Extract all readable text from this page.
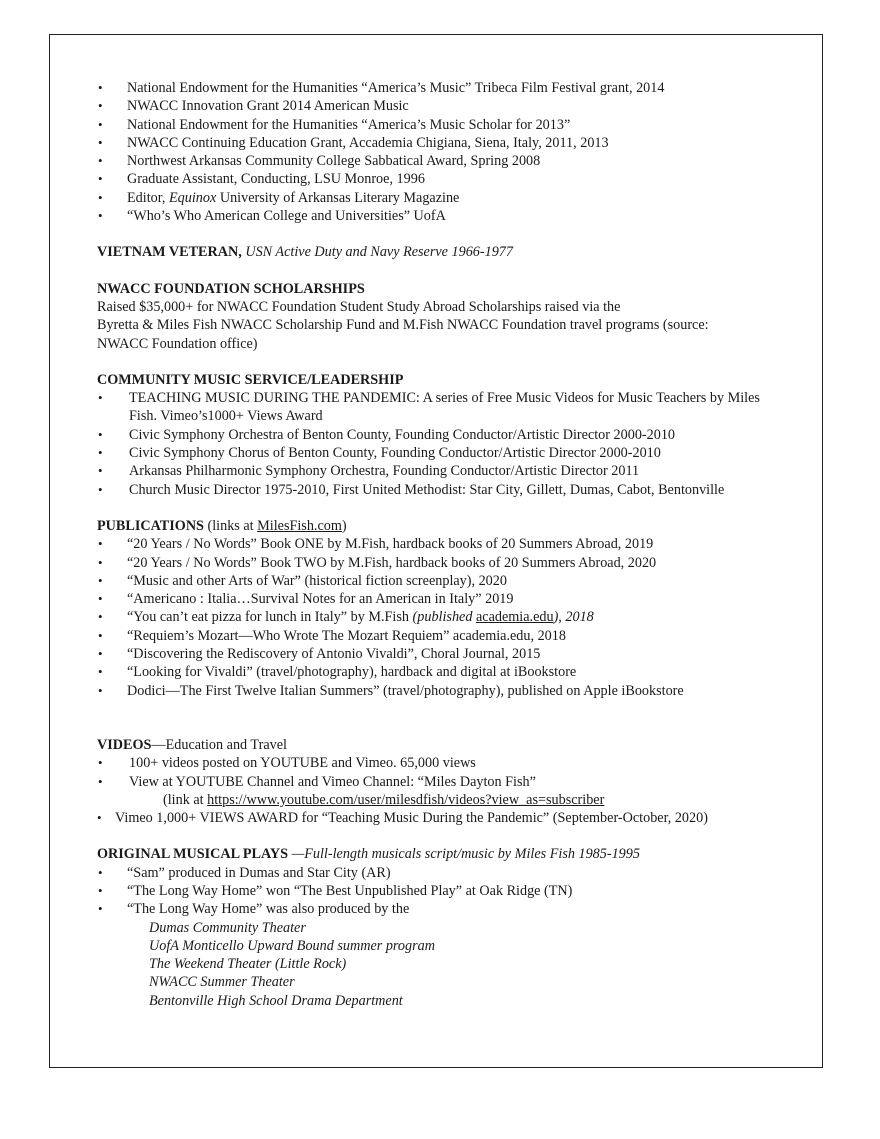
• National Endowment for the Humanities “America’s Music” Tribeca Film Festival grant, 2014
• NWACC Innovation Grant 2014 American Music
• National Endowment for the Humanities “America’s Music Scholar for 2013”
• NWACC Continuing Education Grant, Accademia Chigiana, Siena, Italy, 2011, 2013
• Northwest Arkansas Community College Sabbatical Award, Spring 2008
• Graduate Assistant, Conducting, LSU Monroe, 1996
• Editor, Equinox University of Arkansas Literary Magazine
• “Who’s Who American College and Universities” UofA
VIETNAM VETERAN, USN Active Duty and Navy Reserve 1966-1977
NWACC FOUNDATION SCHOLARSHIPS
Raised $35,000+ for NWACC Foundation Student Study Abroad Scholarships raised via the
Byretta & Miles Fish NWACC Scholarship Fund and M.Fish NWACC Foundation travel programs (source:
NWACC Foundation office)
COMMUNITY MUSIC SERVICE/LEADERSHIP
• TEACHING MUSIC DURING THE PANDEMIC: A series of Free Music Videos for Music Teachers by Miles Fish. Vimeo’s1000+ Views Award
• Civic Symphony Orchestra of Benton County, Founding Conductor/Artistic Director 2000-2010
• Civic Symphony Chorus of Benton County, Founding Conductor/Artistic Director 2000-2010
• Arkansas Philharmonic Symphony Orchestra, Founding Conductor/Artistic Director 2011
• Church Music Director 1975-2010, First United Methodist: Star City, Gillett, Dumas, Cabot, Bentonville
PUBLICATIONS (links at MilesFish.com)
• “20 Years / No Words” Book ONE by M.Fish, hardback books of 20 Summers Abroad, 2019
• “20 Years / No Words” Book TWO by M.Fish, hardback books of 20 Summers Abroad, 2020
• “Music and other Arts of War” (historical fiction screenplay), 2020
• “Americano : Italia…Survival Notes for an American in Italy” 2019
• “You can’t eat pizza for lunch in Italy” by M.Fish (published academia.edu), 2018
• “Requiem’s Mozart—Who Wrote The Mozart Requiem” academia.edu, 2018
• “Discovering the Rediscovery of Antonio Vivaldi”, Choral Journal, 2015
• “Looking for Vivaldi” (travel/photography), hardback and digital at iBookstore
• Dodici—The First Twelve Italian Summers” (travel/photography), published on Apple iBookstore
VIDEOS—Education and Travel
• 100+ videos posted on YOUTUBE and Vimeo. 65,000 views
• View at YOUTUBE Channel and Vimeo Channel: “Miles Dayton Fish”
(link at https://www.youtube.com/user/milesdfish/videos?view_as=subscriber
• Vimeo 1,000+ VIEWS AWARD for “Teaching Music During the Pandemic” (September-October, 2020)
ORIGINAL MUSICAL PLAYS —Full-length musicals script/music by Miles Fish 1985-1995
• “Sam” produced in Dumas and Star City (AR)
• “The Long Way Home” won “The Best Unpublished Play” at Oak Ridge (TN)
• “The Long Way Home” was also produced by the
Dumas Community Theater
UofA Monticello Upward Bound summer program
The Weekend Theater (Little Rock)
NWACC Summer Theater
Bentonville High School Drama Department
